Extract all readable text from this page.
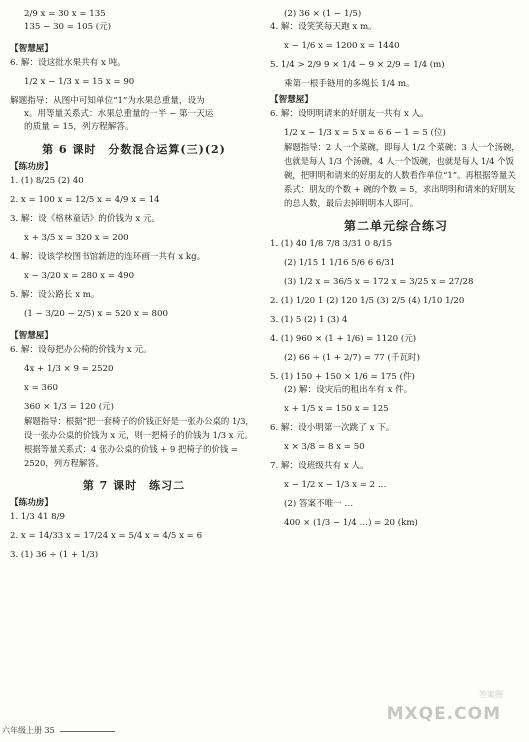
2/9 x = 30 x = 135
135 − 30 = 105 (元)
【智慧屋】
6. 解：设这批水果共有 x 吨。
1/2 x − 1/3 x = 15 x = 90
解题指导：从图中可知单位“1”为水果总重量，设为
x。用等量关系式：水果总重量的一半 − 第一天运
的质量 = 15，列方程解答。
第 6 课时　分数混合运算(三)(2)
【练功房】
1. (1) 8/25 (2) 40
2. x = 100 x = 12/5 x = 4/9 x = 14
3. 解：设《格林童话》的价钱为 x 元。
x + 3/5 x = 320 x = 200
4. 解：设该学校图书馆新进的连环画一共有 x kg。
x − 3/20 x = 280 x = 490
5. 解：设公路长 x m。
(1 − 3/20 − 2/5) x = 520 x = 800
【智慧屋】
6. 解：设每把办公椅的价钱为 x 元。
4x + 1/3 × 9 = 2520
x = 360
360 × 1/3 = 120 (元)
解题指导：根据“把一套椅子的价钱正好是一张办公桌的 1/3，设一张办公桌的价钱为 x 元，则一把椅子的价钱为 1/3 x 元。根据等量关系式：4 张办公桌的价钱 + 9 把椅子的价钱 = 2520，列方程解答。
第 7 课时　练习二
【练功房】
1. 1/3 41 8/9
2. x = 14/33 x = 17/24 x = 5/4 x = 4/5 x = 6
3. (1) 36 ÷ (1 + 1/3)
(2) 36 × (1 − 1/5)
4. 解：设笑笑每天跑 x m。
x − 1/6 x = 1200 x = 1440
5. 1/4 > 2/9 9 × 1/4 − 9 × 2/9 = 1/4 (m)
乘第一根手链用的多绳长 1/4 m。
【智慧屋】
6. 解：设明明请来的好朋友一共有 x 人。
1/2 x − 1/3 x = 5 x = 6 6 − 1 = 5 (位)
解题指导：2 人一个菜碗，即每人 1/2 个菜碗；3 人一个汤碗，也就是每人 1/3 个汤碗，4 人一个饭碗，也就是每人 1/4 个饭碗，把明明和请来的好朋友的人数看作单位“1”。再根据等量关系式：朋友的个数 + 碗的个数 = 5，求出明明和请来的好朋友的总人数，最后去掉明明本人即可。
第二单元综合练习
1. (1) 40 1/8 7/8 3/31 0 8/15
(2) 1/15 1 1/16 5/6 6 6/31
(3) 1/2 x = 36/5 x = 172 x = 3/25 x = 27/28
2. (1) 1/20 1 (2) 120 1/5 (3) 2/5 (4) 1/10 1/20
3. (1) 5 (2) 1 (3) 4
4. (1) 960 × (1 + 1/6) = 1120 (元)
(2) 66 ÷ (1 + 2/7) = 77 (千瓦时)
5. (1) 150 + 150 × 1/6 = 175 (件)
(2) 解：设灾后的租出车有 x 件。
x + 1/5 x = 150 x = 125
6. 解：设小明第一次跳了 x 下。
x × 3/8 = 8 x = 50
7. 解：设班级共有 x 人。
x − 1/2 x − 1/3 x = 2 …
(2) 答案不唯一 …
400 × (1/3 − 1/4 …) = 20 (km)
六年级上册 35
答案圈
MXQE.COM
